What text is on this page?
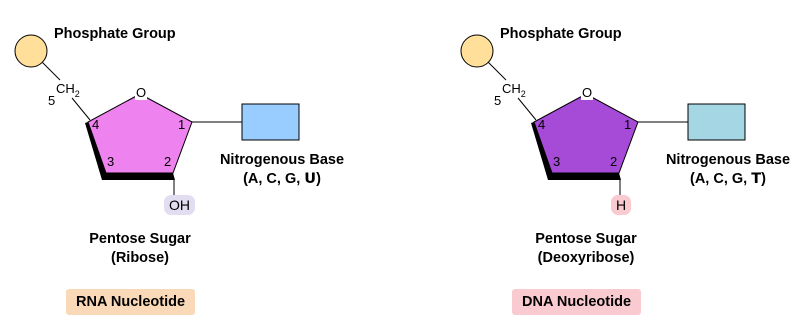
Phosphate Group
$CH_2$
5
O
1
2
3
4
Nitrogenous Base
(A, C, G, U)
OH
Pentose Sugar
(Ribose)
RNA Nucleotide
Phosphate Group
$CH_2$
5
O
1
2
3
4
Nitrogenous Base
(A, C, G, T)
H
Pentose Sugar
(Deoxyribose)
DNA Nucleotide
